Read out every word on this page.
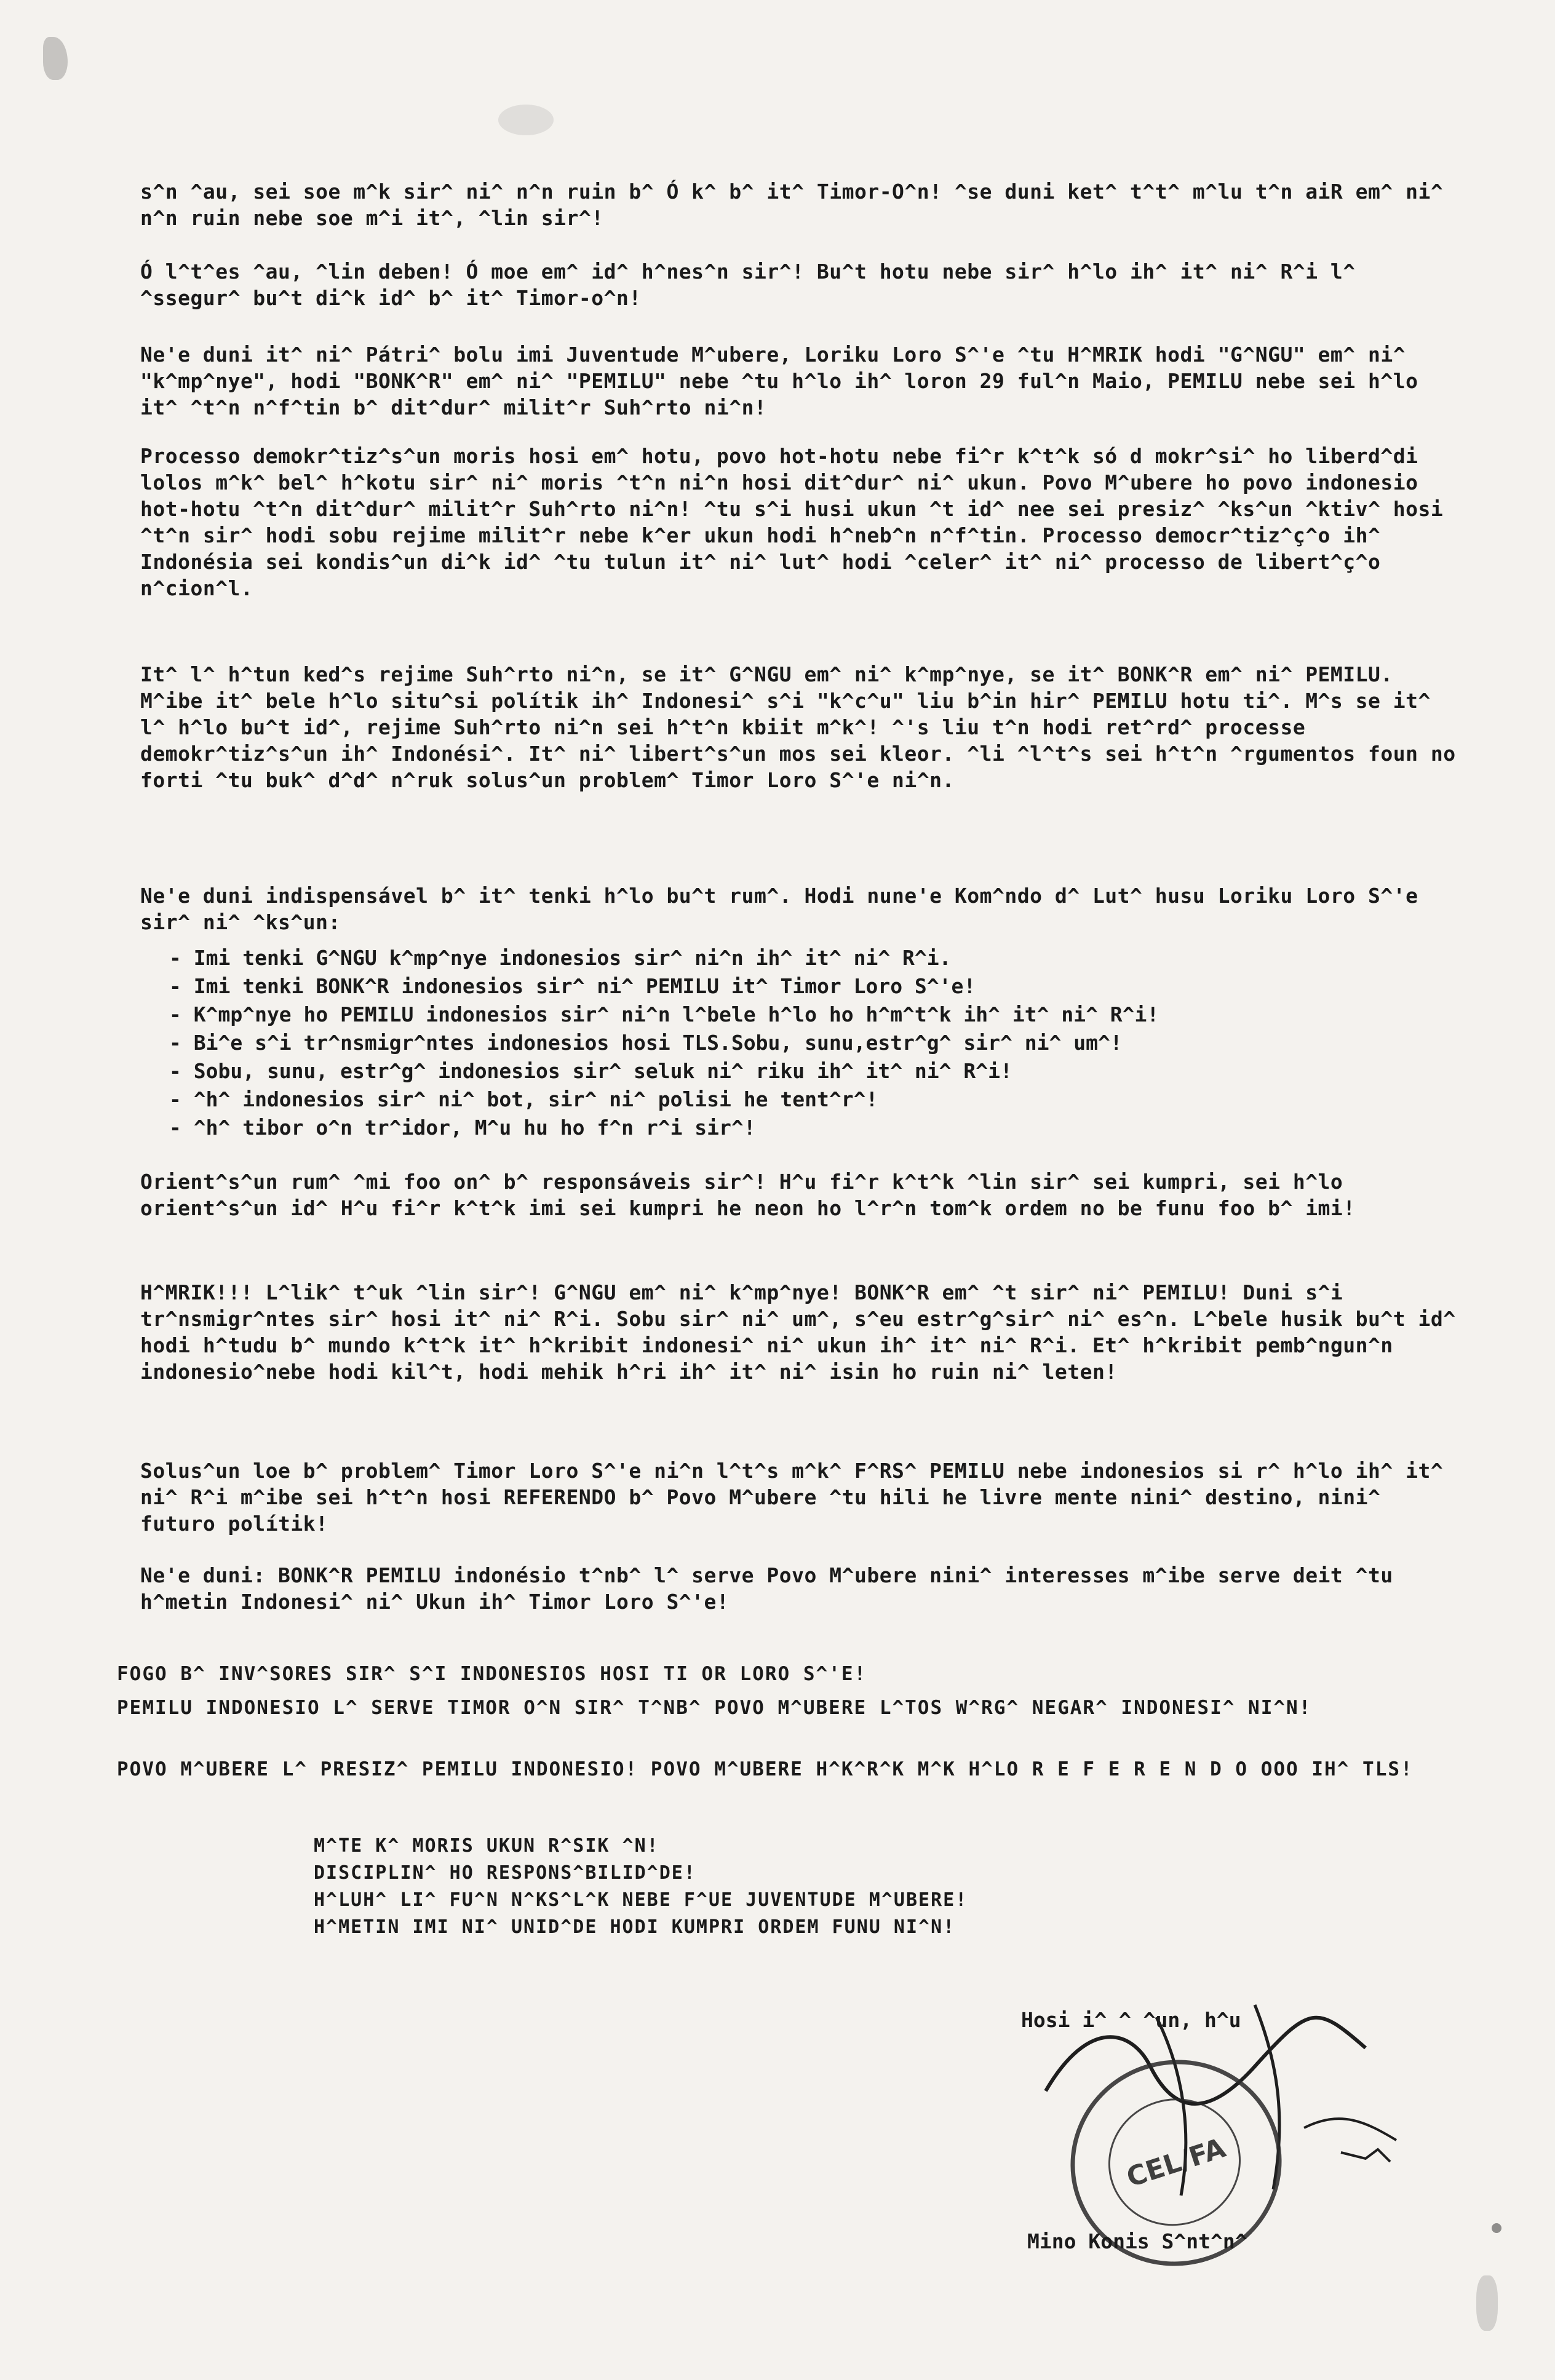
s^n ^au, sei soe m^k sir^ ni^ n^n ruin b^ Ó k^ b^ it^ Timor-O^n! ^se duni ket^ t^t^ m^lu t^n aiR em^ ni^ n^n ruin nebe soe m^i it^, ^lin sir^!
Ó l^t^es ^au, ^lin deben! Ó moe em^ id^ h^nes^n sir^! Bu^t hotu nebe sir^ h^lo ih^ it^ ni^ R^i l^ ^ssegur^ bu^t di^k id^ b^ it^ Timor-o^n!
Ne'e duni it^ ni^ Pátri^ bolu imi Juventude M^ubere, Loriku Loro S^'e ^tu H^MRIK hodi "G^NGU" em^ ni^ "k^mp^nye", hodi "BONK^R" em^ ni^ "PEMILU" nebe ^tu h^lo ih^ loron 29 ful^n Maio, PEMILU nebe sei h^lo it^ ^t^n n^f^tin b^ dit^dur^ milit^r Suh^rto ni^n!
Processo demokr^tiz^s^un moris hosi em^ hotu, povo hot-hotu nebe fi^r k^t^k só d mokr^si^ ho liberd^di lolos m^k^ bel^ h^kotu sir^ ni^ moris ^t^n ni^n hosi dit^dur^ ni^ ukun. Povo M^ubere ho povo indonesio hot-hotu ^t^n dit^dur^ milit^r Suh^rto ni^n! ^tu s^i husi ukun ^t id^ nee sei presiz^ ^ks^un ^ktiv^ hosi ^t^n sir^ hodi sobu rejime milit^r nebe k^er ukun hodi h^neb^n n^f^tin. Processo democr^tiz^ç^o ih^ Indonésia sei kondis^un di^k id^ ^tu tulun it^ ni^ lut^ hodi ^celer^ it^ ni^ processo de libert^ç^o n^cion^l.
It^ l^ h^tun ked^s rejime Suh^rto ni^n, se it^ G^NGU em^ ni^ k^mp^nye, se it^ BONK^R em^ ni^ PEMILU. M^ibe it^ bele h^lo situ^si polítik ih^ Indonesi^ s^i "k^c^u" liu b^in hir^ PEMILU hotu ti^. M^s se it^ l^ h^lo bu^t id^, rejime Suh^rto ni^n sei h^t^n kbiit m^k^! ^'s liu t^n hodi ret^rd^ processe demokr^tiz^s^un ih^ Indonési^. It^ ni^ libert^s^un mos sei kleor. ^li ^l^t^s sei h^t^n ^rgumentos foun no forti ^tu buk^ d^d^ n^ruk solus^un problem^ Timor Loro S^'e ni^n.
Ne'e duni indispensável b^ it^ tenki h^lo bu^t rum^. Hodi nune'e Kom^ndo d^ Lut^ husu Loriku Loro S^'e sir^ ni^ ^ks^un:
- Imi tenki G^NGU k^mp^nye indonesios sir^ ni^n ih^ it^ ni^ R^i.
- Imi tenki BONK^R indonesios sir^ ni^ PEMILU it^ Timor Loro S^'e!
- K^mp^nye ho PEMILU indonesios sir^ ni^n l^bele h^lo ho h^m^t^k ih^ it^ ni^ R^i!
- Bi^e s^i tr^nsmigr^ntes indonesios hosi TLS.Sobu, sunu,estr^g^ sir^ ni^ um^!
- Sobu, sunu, estr^g^ indonesios sir^ seluk ni^ riku ih^ it^ ni^ R^i!
- ^h^ indonesios sir^ ni^ bot, sir^ ni^ polisi he tent^r^!
- ^h^ tibor o^n tr^idor, M^u hu ho f^n r^i sir^!
Orient^s^un rum^ ^mi foo on^ b^ responsáveis sir^! H^u fi^r k^t^k ^lin sir^ sei kumpri, sei h^lo orient^s^un id^ H^u fi^r k^t^k imi sei kumpri he neon ho l^r^n tom^k ordem no be funu foo b^ imi!
H^MRIK!!! L^lik^ t^uk ^lin sir^! G^NGU em^ ni^ k^mp^nye! BONK^R em^ ^t sir^ ni^ PEMILU! Duni s^i tr^nsmigr^ntes sir^ hosi it^ ni^ R^i. Sobu sir^ ni^ um^, s^eu estr^g^sir^ ni^ es^n. L^bele husik bu^t id^ hodi h^tudu b^ mundo k^t^k it^ h^kribit indonesi^ ni^ ukun ih^ it^ ni^ R^i. Et^ h^kribit pemb^ngun^n indonesio^nebe hodi kil^t, hodi mehik h^ri ih^ it^ ni^ isin ho ruin ni^ leten!
Solus^un loe b^ problem^ Timor Loro S^'e ni^n l^t^s m^k^ F^RS^ PEMILU nebe indonesios si r^ h^lo ih^ it^ ni^ R^i m^ibe sei h^t^n hosi REFERENDO b^ Povo M^ubere ^tu hili he livre mente nini^ destino, nini^ futuro polítik!
Ne'e duni: BONK^R PEMILU indonésio t^nb^ l^ serve Povo M^ubere nini^ interesses m^ibe serve deit ^tu h^metin Indonesi^ ni^ Ukun ih^ Timor Loro S^'e!
FOGO B^ INV^SORES SIR^ S^I INDONESIOS HOSI TI OR LORO S^'E!
PEMILU INDONESIO L^ SERVE TIMOR O^N SIR^ T^NB^ POVO M^UBERE L^TOS W^RG^ NEGAR^ INDONESI^ NI^N!
POVO M^UBERE L^ PRESIZ^ PEMILU INDONESIO! POVO M^UBERE H^K^R^K M^K H^LO R E F E R E N D O OOO IH^ TLS!
M^TE K^ MORIS UKUN R^SIK ^N!
DISCIPLIN^ HO RESPONS^BILID^DE!
H^LUH^ LI^ FU^N N^KS^L^K NEBE F^UE JUVENTUDE M^UBERE!
H^METIN IMI NI^ UNID^DE HODI KUMPRI ORDEM FUNU NI^N!
Hosi i^ ^ ^un, h^u
CEL/FA
Mino Konis S^nt^n^
